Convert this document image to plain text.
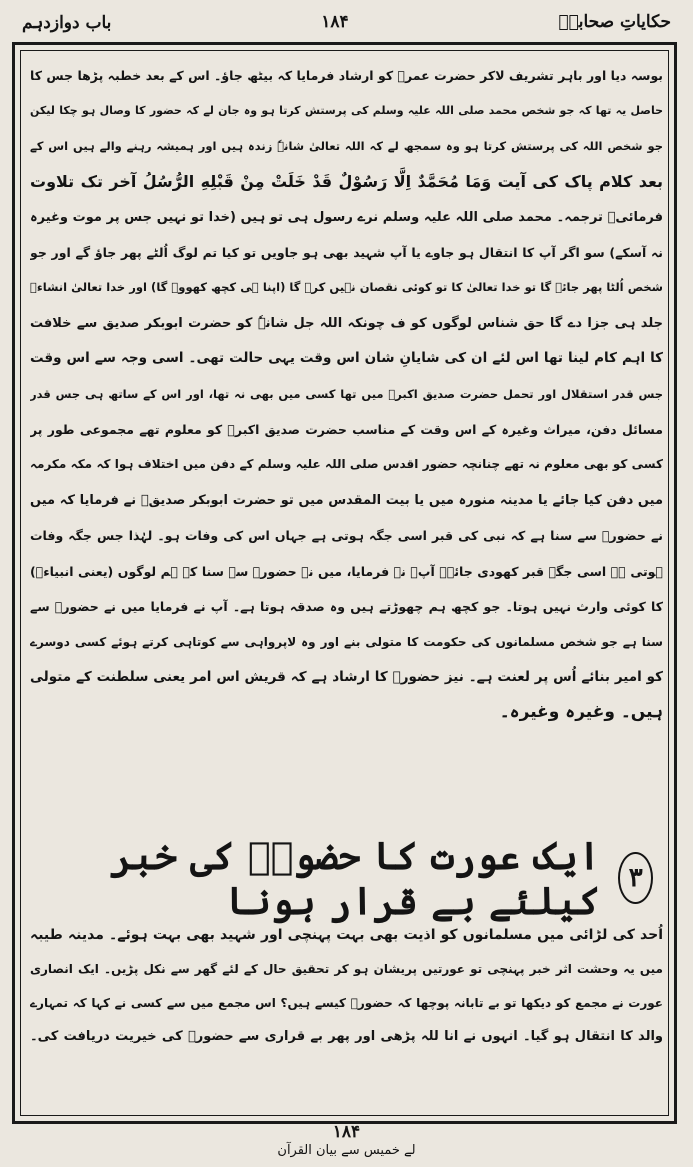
حکایاتِ صحابہؓ
۱۸۴
باب دوازدہم
بوسہ دیا اور باہر تشریف لاکر حضرت عمرؓ کو ارشاد فرمایا کہ بیٹھ جاؤ۔ اس کے بعد خطبہ پڑھا جس کا
حاصل یہ تھا کہ جو شخص محمد صلی اللہ علیہ وسلم کی پرستش کرتا ہو وہ جان لے کہ حضور کا وصال ہو چکا لیکن
جو شخص اللہ کی پرستش کرتا ہو وہ سمجھ لے کہ اللہ تعالیٰ شانہٗ زندہ ہیں اور ہمیشہ رہنے والے ہیں اس کے
بعد کلام پاک کی آیت وَمَا مُحَمَّدٌ اِلَّا رَسُوْلٌ قَدْ خَلَتْ مِنْ قَبْلِهِ الرُّسُلُ آخر تک تلاوت
فرمائیؒ ترجمہ۔ محمد صلی اللہ علیہ وسلم نرے رسول ہی تو ہیں (خدا تو نہیں جس پر موت وغیرہ
نہ آسکے) سو اگر آپ کا انتقال ہو جاوے یا آپ شہید بھی ہو جاویں تو کیا تم لوگ اُلٹے پھر جاؤ گے اور جو
شخص اُلٹا پھر جائے گا تو خدا تعالیٰ کا تو کوئی نقصان نہیں کرے گا (اپنا ہی کچھ کھووے گا) اور خدا تعالیٰ انشاءؒ
جلد ہی جزا دے گا حق شناس لوگوں کو ف چونکہ اللہ جل شانہٗ کو حضرت ابوبکر صدیق سے خلافت
کا اہم کام لینا تھا اس لئے ان کی شایانِ شان اس وقت یہی حالت تھی۔ اسی وجہ سے اس وقت
جس قدر استقلال اور تحمل حضرت صدیق اکبرؓ میں تھا کسی میں بھی نہ تھا، اور اس کے ساتھ ہی جس قدر
مسائل دفن، میراث وغیرہ کے اس وقت کے مناسب حضرت صدیق اکبرؓ کو معلوم تھے مجموعی طور پر
کسی کو بھی معلوم نہ تھے چنانچہ حضور اقدس صلی اللہ علیہ وسلم کے دفن میں اختلاف ہوا کہ مکہ مکرمہ
میں دفن کیا جائے یا مدینہ منورہ میں یا بیت المقدس میں تو حضرت ابوبکر صدیقؓ نے فرمایا کہ میں
نے حضورؐ سے سنا ہے کہ نبی کی قبر اسی جگہ ہوتی ہے جہاں اس کی وفات ہو۔ لہٰذا جس جگہ وفات
ہوتی ہے اسی جگہ قبر کھودی جائے۔ آپؓ نے فرمایا، میں نے حضورؐ سے سنا کہ ہم لوگوں (یعنی انبیاءؑ)
کا کوئی وارث نہیں ہوتا۔ جو کچھ ہم چھوڑتے ہیں وہ صدقہ ہوتا ہے۔ آپ نے فرمایا میں نے حضورؐ سے
سنا ہے جو شخص مسلمانوں کی حکومت کا متولی بنے اور وہ لاپرواہی سے کوتاہی کرتے ہوئے کسی دوسرے
کو امیر بنائے اُس پر لعنت ہے۔ نیز حضورؐ کا ارشاد ہے کہ قریش اس امر یعنی سلطنت کے متولی
ہیں۔ وغیرہ وغیرہ۔
۳
ایک عورت کا حضورؐ کی خبر کیلئے بے قرار ہونا
اُحد کی لڑائی میں مسلمانوں کو اذیت بھی بہت پہنچی اور شہید بھی بہت ہوئے۔ مدینہ طیبہ
میں یہ وحشت اثر خبر پہنچی تو عورتیں پریشان ہو کر تحقیق حال کے لئے گھر سے نکل پڑیں۔ ایک انصاری
عورت نے مجمع کو دیکھا تو بے تابانہ پوچھا کہ حضورؐ کیسے ہیں؟ اس مجمع میں سے کسی نے کہا کہ تمہارے
والد کا انتقال ہو گیا۔ انہوں نے انا للہ پڑھی اور پھر بے قراری سے حضورؐ کی خیریت دریافت کی۔
۱۸۴
لے خمیس سے بیان القرآن
